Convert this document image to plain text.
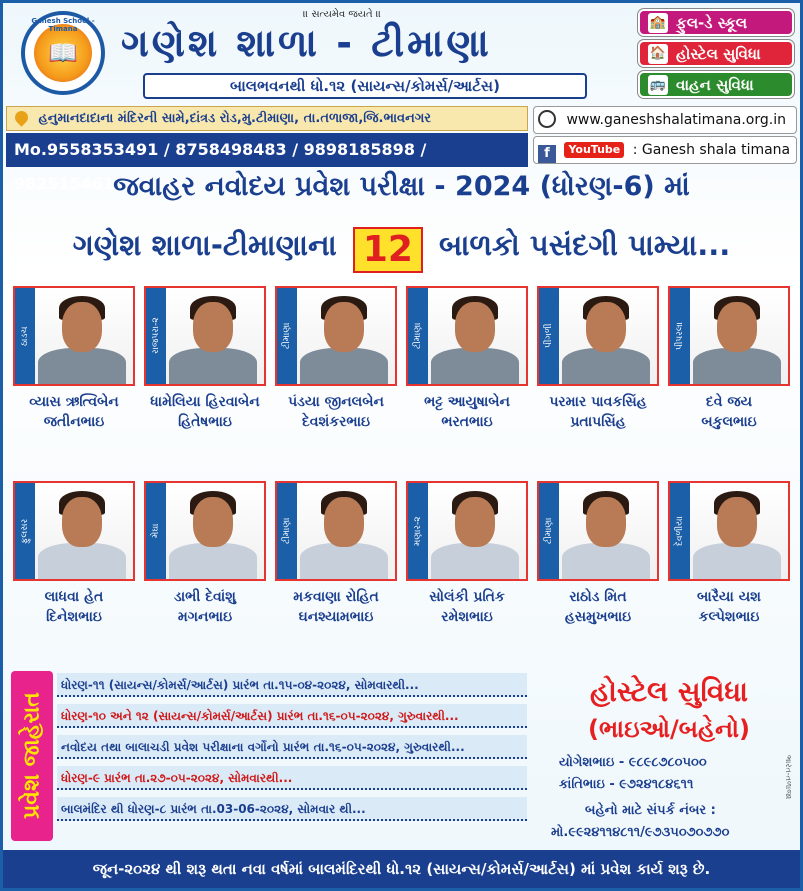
Ganesh School - Timana
📖
॥ સત્યમેવ જયતે ॥
ગણેશ શાળા - ટીમાણા
બાલભવનથી ધો.૧૨ (સાયન્સ/કોમર્સ/આર્ટસ)
🏫 ફુલ-ડે સ્કૂલ
🏠 હોસ્ટેલ સુવિધા
🚌 વાહન સુવિધા
હનુમાનદાદાના મંદિરની સામે,દાંત્રડ રોડ,મુ.ટીમાણા, તા.તળાજા,જિ.ભાવનગર
Mo.9558353491 / 8758498483 / 9898185898 / 9825154611
www.ganeshshalatimana.org.in
f YouTube : Ganesh shala timana
જવાહર નવોદય પ્રવેશ પરીક્ષા - 2024 (ધોરણ-6) માં
ગણેશ શાળા-ટીમાણાના 12 બાળકો પસંદગી પામ્યા...
ઠાડચ
વ્યાસ ઋત્વિબેન
જતીનભાઇ
રાજપરા-૨
ધામેલિયા હિરવાબેન
હિતેષભાઇ
ટીમાણા
પંડયા જીનલબેન
દેવશંકરભાઇ
ટીમાણા
ભટ્ટ આયુષાબેન
ભરતભાઇ
પીંગળી
પરમાર પાવકસિંહ
પ્રતાપસિંહ
પીપરલા
દવે જય
બકુલભાઇ
ફુલસર
લાધવા હેત
દિનેશભાઇ
મેઘા
ડાભી દેવાંશુ
મગનભાઇ
ટીમાણા
મકવાણા રોહિત
ઘનશ્યામભાઇ
મણાર-૨
સોલંકી પ્રતિક
રમેશભાઇ
ટીમાણા
રાઠોડ મિત
હસમુખભાઇ
દેવળીયા
બારૈયા યશ
કલ્પેશભાઇ
પ્રવેશ જાહેરાત
ધોરણ-૧૧ (સાયન્સ/કોમર્સ/આર્ટસ) પ્રારંભ તા.૧૫-૦૪-૨૦૨૪, સોમવારથી...
ધોરણ-૧૦ અને ૧૨ (સાયન્સ/કોમર્સ/આર્ટસ) પ્રારંભ તા.૧૬-૦૫-૨૦૨૪, ગુરુવારથી...
નવોદય તથા બાલાચડી પ્રવેશ પરીક્ષાના વર્ગોનો પ્રારંભ તા.૧૬-૦૫-૨૦૨૪, ગુરુવારથી...
ધોરણ-૯ પ્રારંભ તા.૨૭-૦૫-૨૦૨૪, સોમવારથી...
બાલમંદિર થી ધોરણ-૮ પ્રારંભ તા.03-06-૨૦૨૪, સોમવાર થી...
હોસ્ટેલ સુવિધા
(ભાઇઓ/બહેનો)
યોગેશભાઇ - ૯૮૯૮૭૮૦૫૦૦
કાંતિભાઇ - ૯૭૨૪૧૮૪૬૧૧
બહેનો માટે સંપર્ક નંબર :
મો.૯૯૨૪૧૧૪૮૧૧/૯૭૩૫૦૭૦૭૭૦
ભારત-તળાજા
જૂન-૨૦૨૪ થી શરૂ થતા નવા વર્ષમાં બાલમંદિરથી ધો.૧૨ (સાયન્સ/કોમર્સ/આર્ટસ) માં પ્રવેશ કાર્ય શરૂ છે.
